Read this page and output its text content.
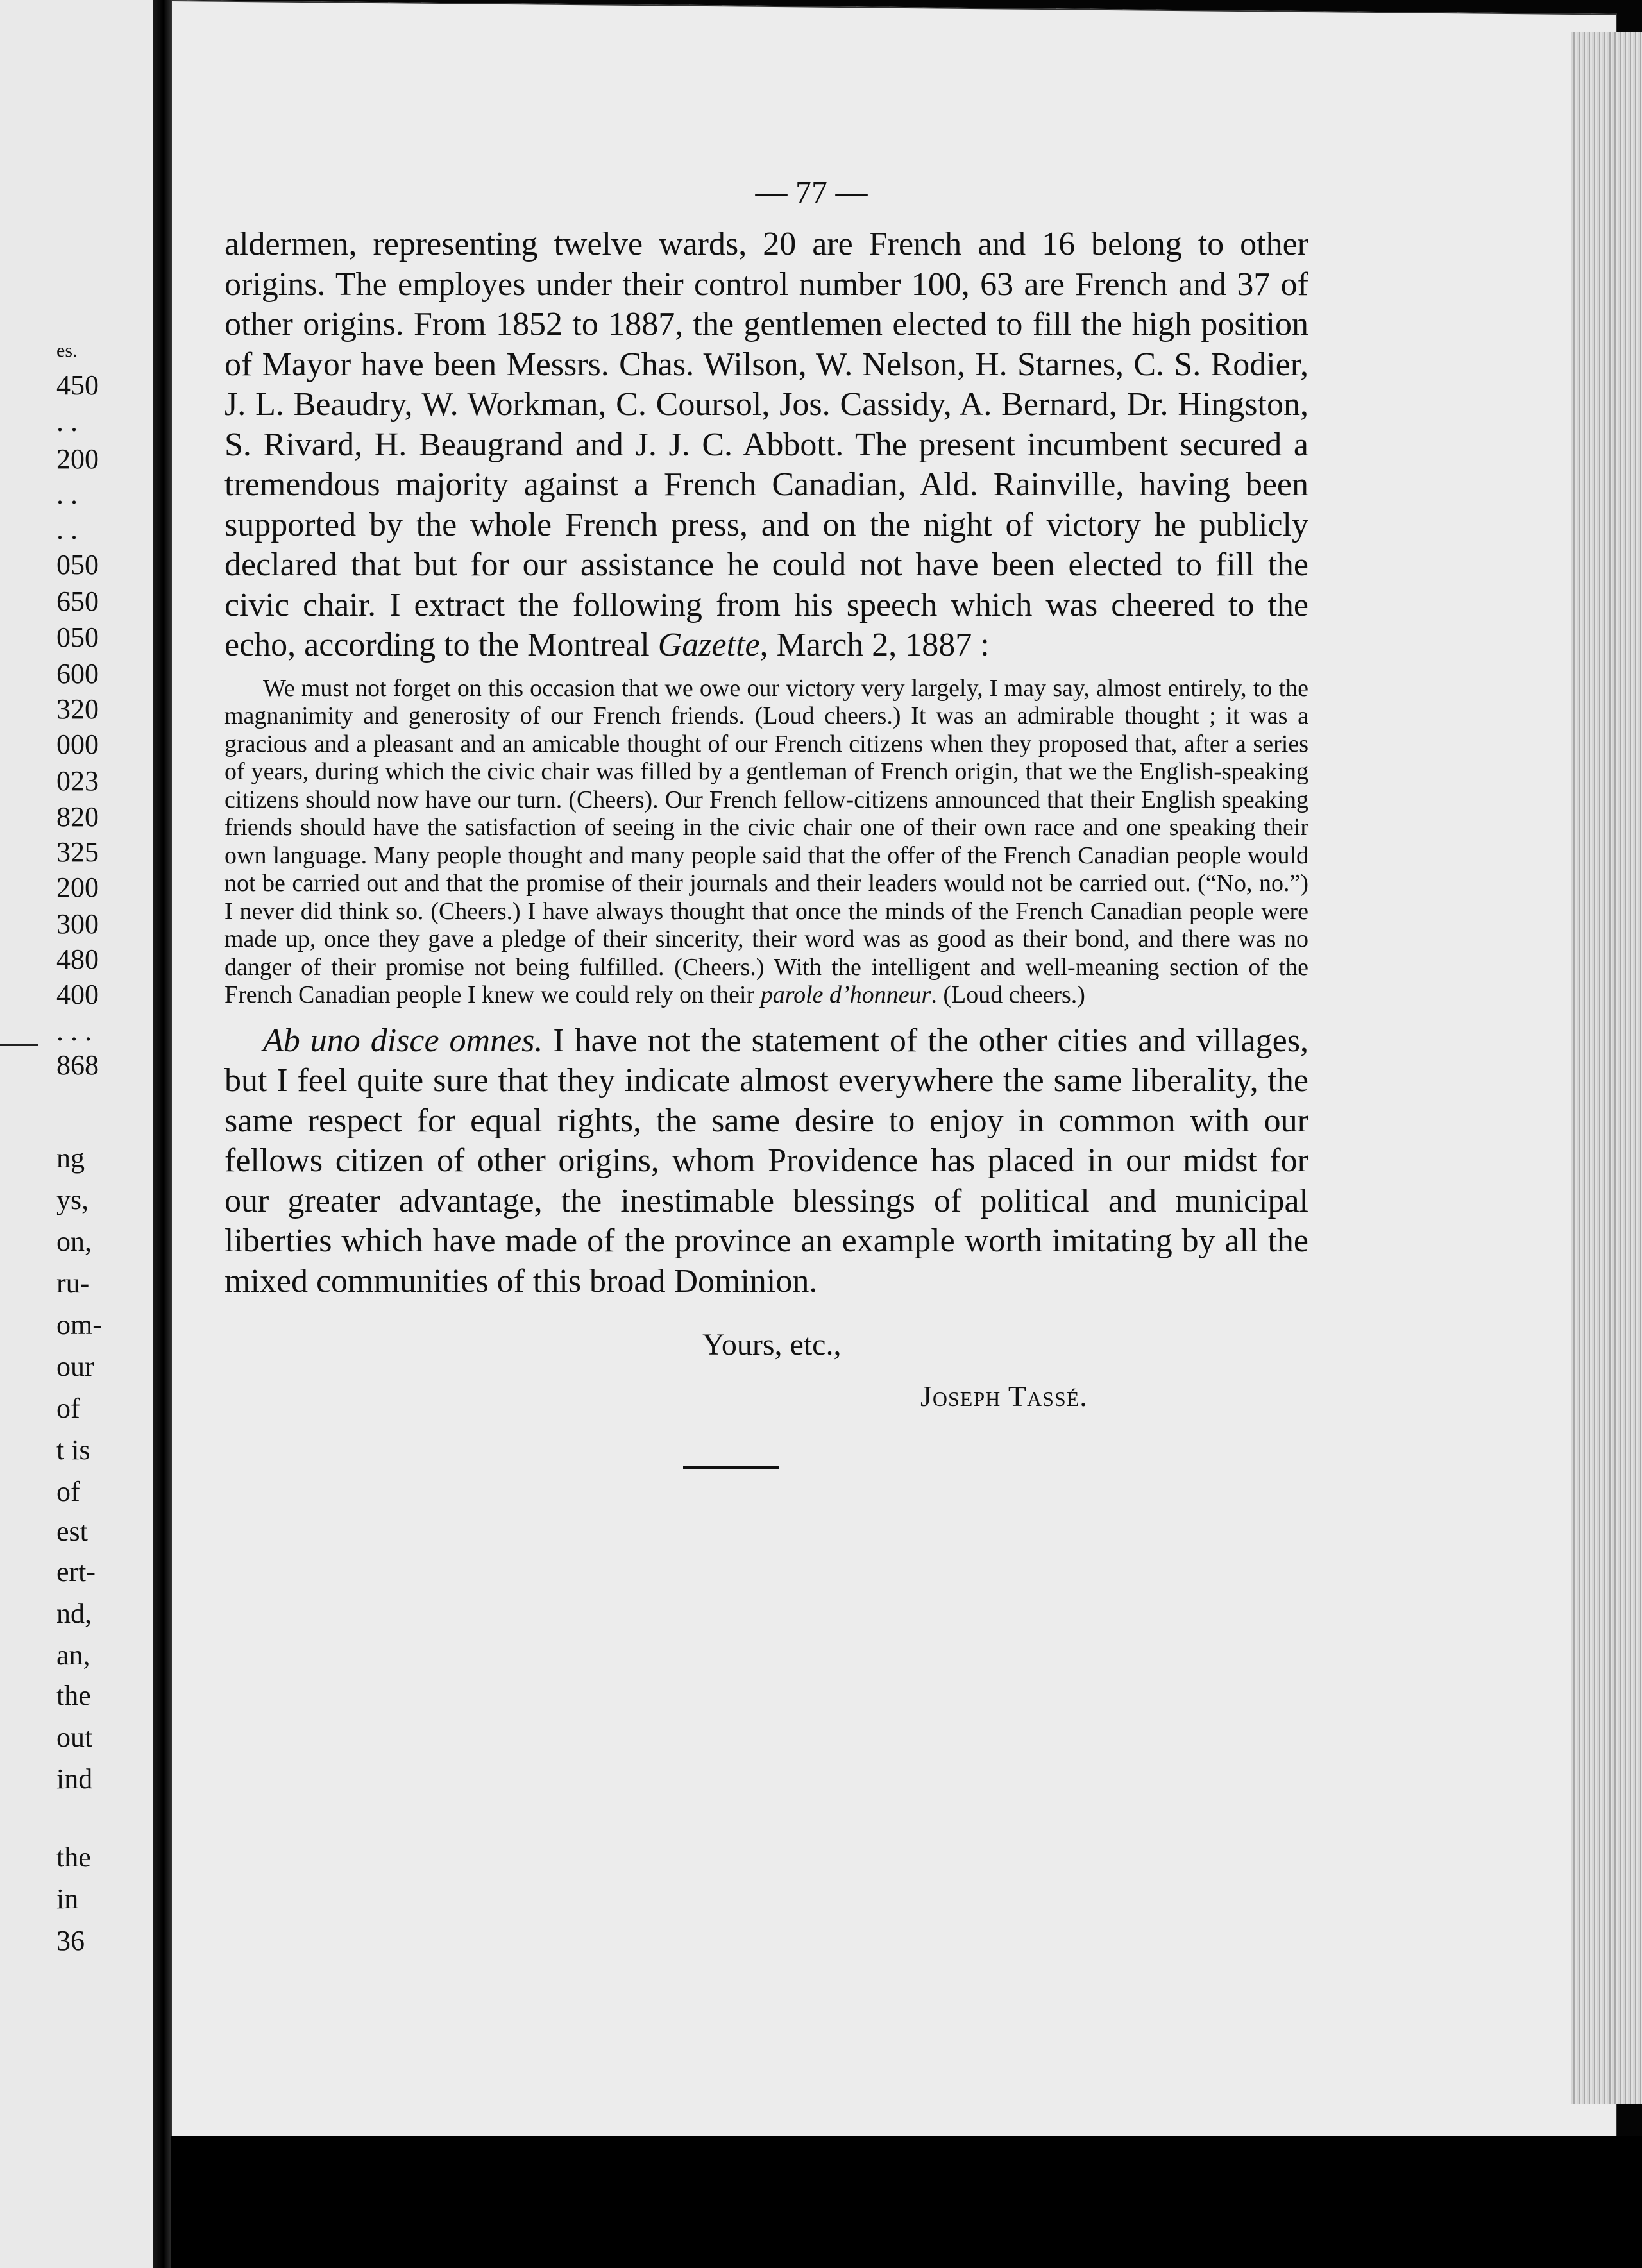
es.
450
. .
200
. .
. .
050
650
050
600
320
000
023
820
325
200
300
480
400
. . .
868
ng
ys,
on,
ru-
om-
our
of
t is
of
est
ert-
nd,
an,
the
out
ind
the
in
36
— 77 —

aldermen, representing twelve wards, 20 are French and 16 belong to other origins. The employes under their control number 100, 63 are French and 37 of other origins. From 1852 to 1887, the gentlemen elected to fill the high position of Mayor have been Messrs. Chas. Wilson, W. Nelson, H. Starnes, C. S. Rodier, J. L. Beaudry, W. Workman, C. Coursol, Jos. Cassidy, A. Bernard, Dr. Hingston, S. Rivard, H. Beaugrand and J. J. C. Abbott. The present incumbent secured a tremendous majority against a French Canadian, Ald. Rainville, having been supported by the whole French press, and on the night of victory he publicly declared that but for our assistance he could not have been elected to fill the civic chair. I extract the following from his speech which was cheered to the echo, according to the Montreal Gazette, March 2, 1887 :

We must not forget on this occasion that we owe our victory very largely, I may say, almost entirely, to the magnanimity and generosity of our French friends. (Loud cheers.) It was an admirable thought ; it was a gracious and a pleasant and an amicable thought of our French citizens when they proposed that, after a series of years, during which the civic chair was filled by a gentleman of French origin, that we the English-speaking citizens should now have our turn. (Cheers). Our French fellow-citizens announced that their English speaking friends should have the satisfaction of seeing in the civic chair one of their own race and one speaking their own language. Many people thought and many people said that the offer of the French Canadian people would not be carried out and that the promise of their journals and their leaders would not be carried out. (“No, no.”) I never did think so. (Cheers.) I have always thought that once the minds of the French Canadian people were made up, once they gave a pledge of their sincerity, their word was as good as their bond, and there was no danger of their promise not being fulfilled. (Cheers.) With the intelligent and well-meaning section of the French Canadian people I knew we could rely on their parole d’honneur. (Loud cheers.)

Ab uno disce omnes. I have not the statement of the other cities and villages, but I feel quite sure that they indicate almost everywhere the same liberality, the same respect for equal rights, the same desire to enjoy in common with our fellows citizen of other origins, whom Providence has placed in our midst for our greater advantage, the inestimable blessings of political and municipal liberties which have made of the province an example worth imitating by all the mixed communities of this broad Dominion.

Yours, etc.,
Joseph Tassé.
